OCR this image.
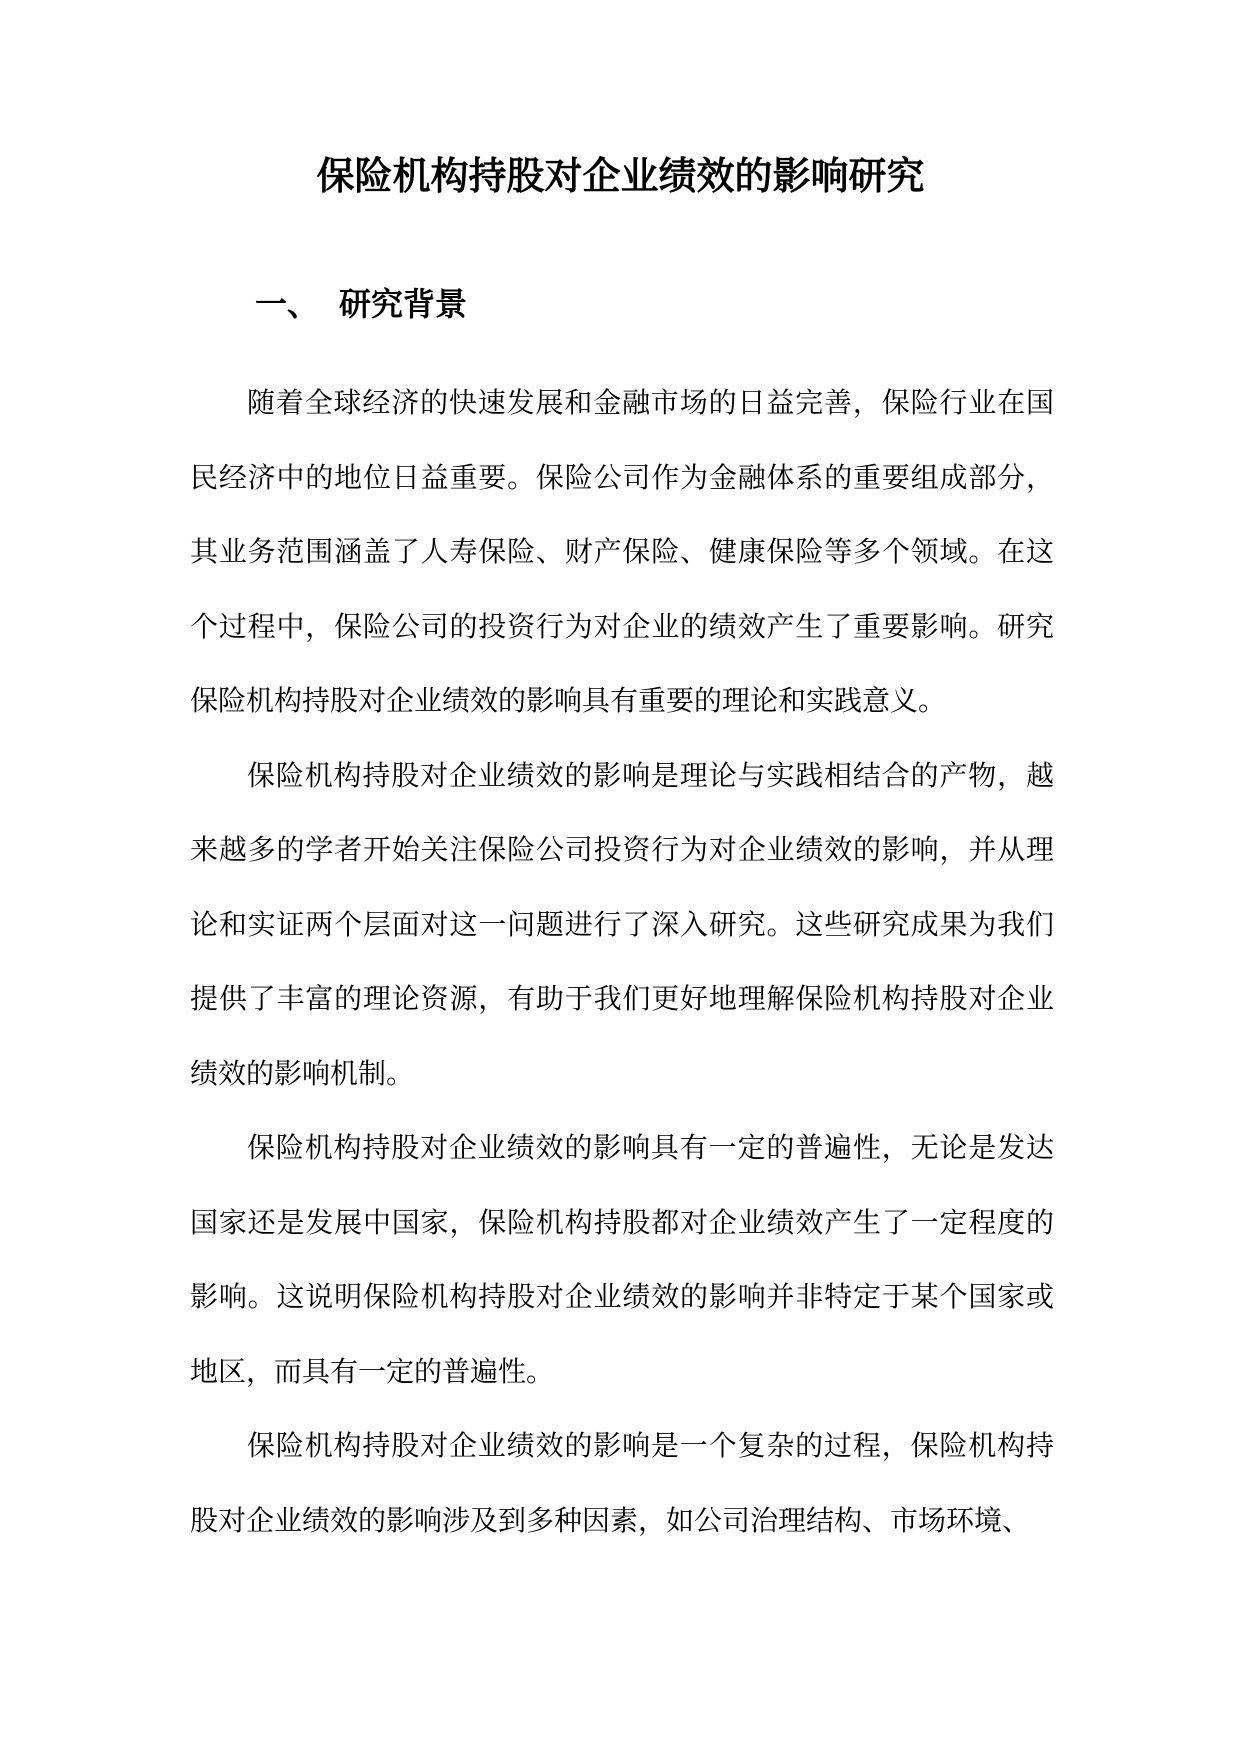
保险机构持股对企业绩效的影响研究
一、 研究背景

随着全球经济的快速发展和金融市场的日益完善，保险行业在国民经济中的地位日益重要。保险公司作为金融体系的重要组成部分，其业务范围涵盖了人寿保险、财产保险、健康保险等多个领域。在这个过程中，保险公司的投资行为对企业的绩效产生了重要影响。研究保险机构持股对企业绩效的影响具有重要的理论和实践意义。

保险机构持股对企业绩效的影响是理论与实践相结合的产物，越来越多的学者开始关注保险公司投资行为对企业绩效的影响，并从理论和实证两个层面对这一问题进行了深入研究。这些研究成果为我们提供了丰富的理论资源，有助于我们更好地理解保险机构持股对企业绩效的影响机制。

保险机构持股对企业绩效的影响具有一定的普遍性，无论是发达国家还是发展中国家，保险机构持股都对企业绩效产生了一定程度的影响。这说明保险机构持股对企业绩效的影响并非特定于某个国家或地区，而具有一定的普遍性。

保险机构持股对企业绩效的影响是一个复杂的过程，保险机构持股对企业绩效的影响涉及到多种因素，如公司治理结构、市场环境、
